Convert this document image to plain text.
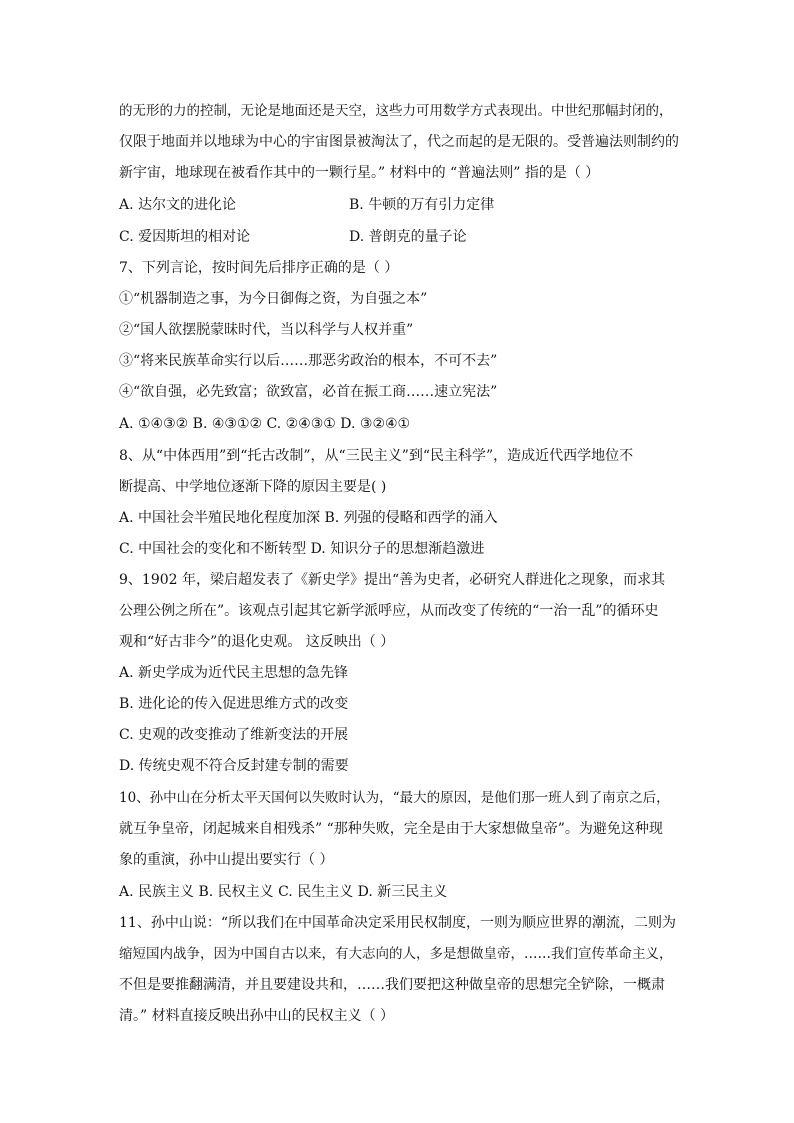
的无形的力的控制，无论是地面还是天空，这些力可用数学方式表现出。中世纪那幅封闭的，
仅限于地面并以地球为中心的宇宙图景被淘汰了，代之而起的是无限的。受普遍法则制约的
新宇宙，地球现在被看作其中的一颗行星。” 材料中的 “普遍法则” 指的是（ ）
A. 达尔文的进化论	B. 牛顿的万有引力定律
C. 爱因斯坦的相对论	D. 普朗克的量子论
7、下列言论，按时间先后排序正确的是（ ）
①“机器制造之事，为今日御侮之资，为自强之本”
②“国人欲摆脱蒙昧时代，当以科学与人权并重”
③“将来民族革命实行以后……那恶劣政治的根本，不可不去”
④“欲自强，必先致富；欲致富，必首在振工商……速立宪法”
A. ①④③② B. ④③①② C. ②④③① D. ③②④①
8、从“中体西用”到“托古改制”，从“三民主义”到“民主科学”，造成近代西学地位不
断提高、中学地位逐渐下降的原因主要是( )
A. 中国社会半殖民地化程度加深 B. 列强的侵略和西学的涌入
C. 中国社会的变化和不断转型 D. 知识分子的思想渐趋激进
9、1902 年，梁启超发表了《新史学》提出“善为史者，必研究人群进化之现象，而求其
公理公例之所在”。该观点引起其它新学派呼应，从而改变了传统的“一治一乱”的循环史
观和“好古非今”的退化史观。 这反映出（ ）
A. 新史学成为近代民主思想的急先锋
B. 进化论的传入促进思维方式的改变
C. 史观的改变推动了维新变法的开展
D. 传统史观不符合反封建专制的需要
10、孙中山在分析太平天国何以失败时认为，“最大的原因，是他们那一班人到了南京之后，
就互争皇帝，闭起城来自相残杀” “那种失败，完全是由于大家想做皇帝”。为避免这种现
象的重演，孙中山提出要实行（ ）
A. 民族主义 B. 民权主义 C. 民生主义 D. 新三民主义
11、孙中山说：“所以我们在中国革命决定采用民权制度，一则为顺应世界的潮流，二则为
缩短国内战争，因为中国自古以来，有大志向的人，多是想做皇帝，……我们宣传革命主义，
不但是要推翻满清，并且要建设共和，……我们要把这种做皇帝的思想完全铲除，一概肃
清。” 材料直接反映出孙中山的民权主义（ ）
